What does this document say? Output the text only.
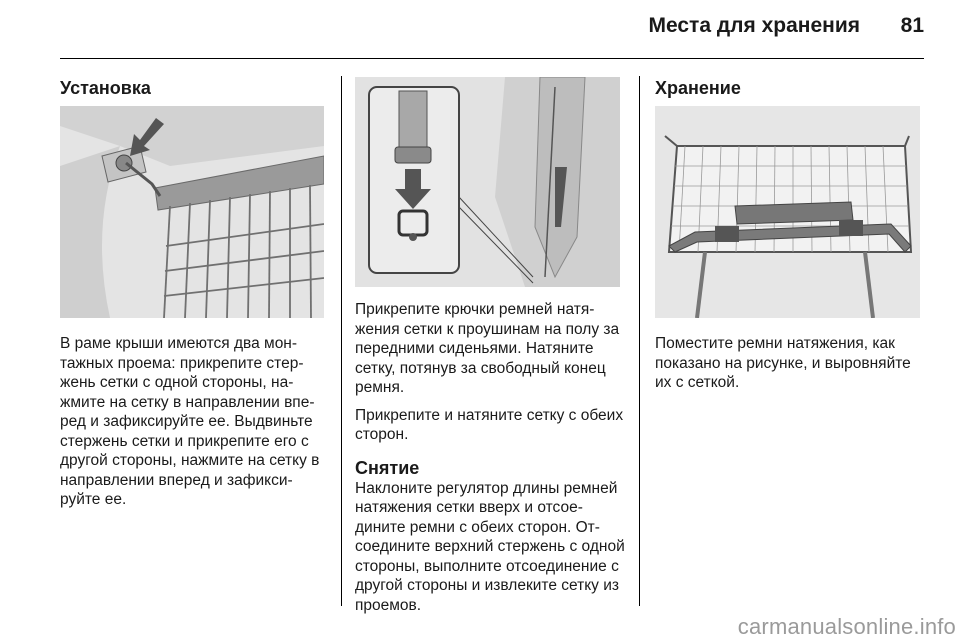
Места для хранения	81
Установка

В раме крыши имеются два монтажных проема: прикрепите стержень сетки с одной стороны, нажмите на сетку в направлении вперед и зафиксируйте ее. Выдвиньте стержень сетки и прикрепите его с другой стороны, нажмите на сетку в направлении вперед и зафиксируйте ее.

Прикрепите крючки ремней натяжения сетки к проушинам на полу за передними сиденьями. Натяните сетку, потянув за свободный конец ремня.

Прикрепите и натяните сетку с обеих сторон.

Снятие

Наклоните регулятор длины ремней натяжения сетки вверх и отсоедините ремни с обеих сторон. Отсоедините верхний стержень с одной стороны, выполните отсоединение с другой стороны и извлеките сетку из проемов.

Хранение

Поместите ремни натяжения, как показано на рисунке, и выровняйте их с сеткой.

carmanualsonline.info
